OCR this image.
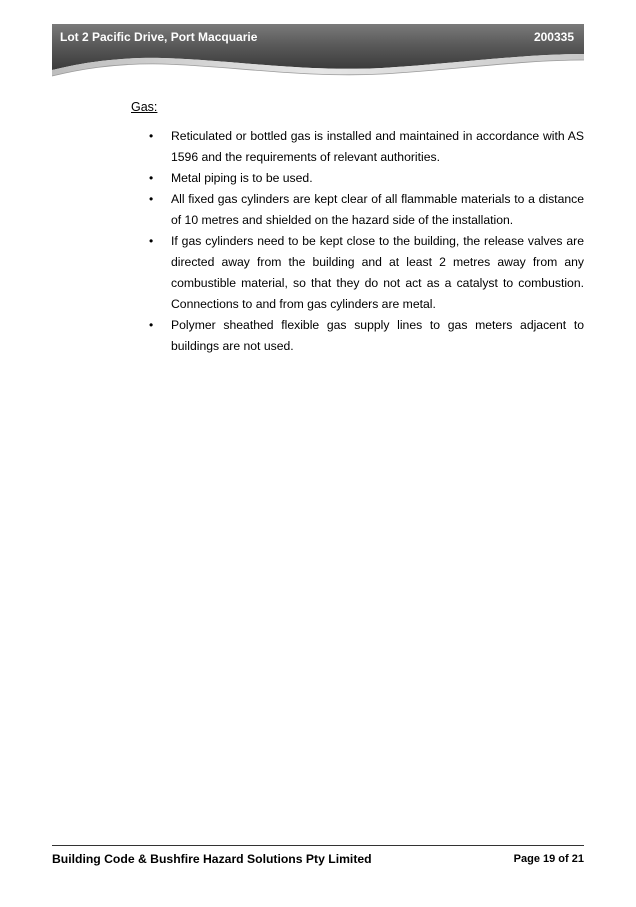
Lot 2 Pacific Drive, Port Macquarie	200335
Gas:
• Reticulated or bottled gas is installed and maintained in accordance with AS 1596 and the requirements of relevant authorities.
• Metal piping is to be used.
• All fixed gas cylinders are kept clear of all flammable materials to a distance of 10 metres and shielded on the hazard side of the installation.
• If gas cylinders need to be kept close to the building, the release valves are directed away from the building and at least 2 metres away from any combustible material, so that they do not act as a catalyst to combustion. Connections to and from gas cylinders are metal.
• Polymer sheathed flexible gas supply lines to gas meters adjacent to buildings are not used.
Building Code & Bushfire Hazard Solutions Pty Limited	Page 19 of 21
